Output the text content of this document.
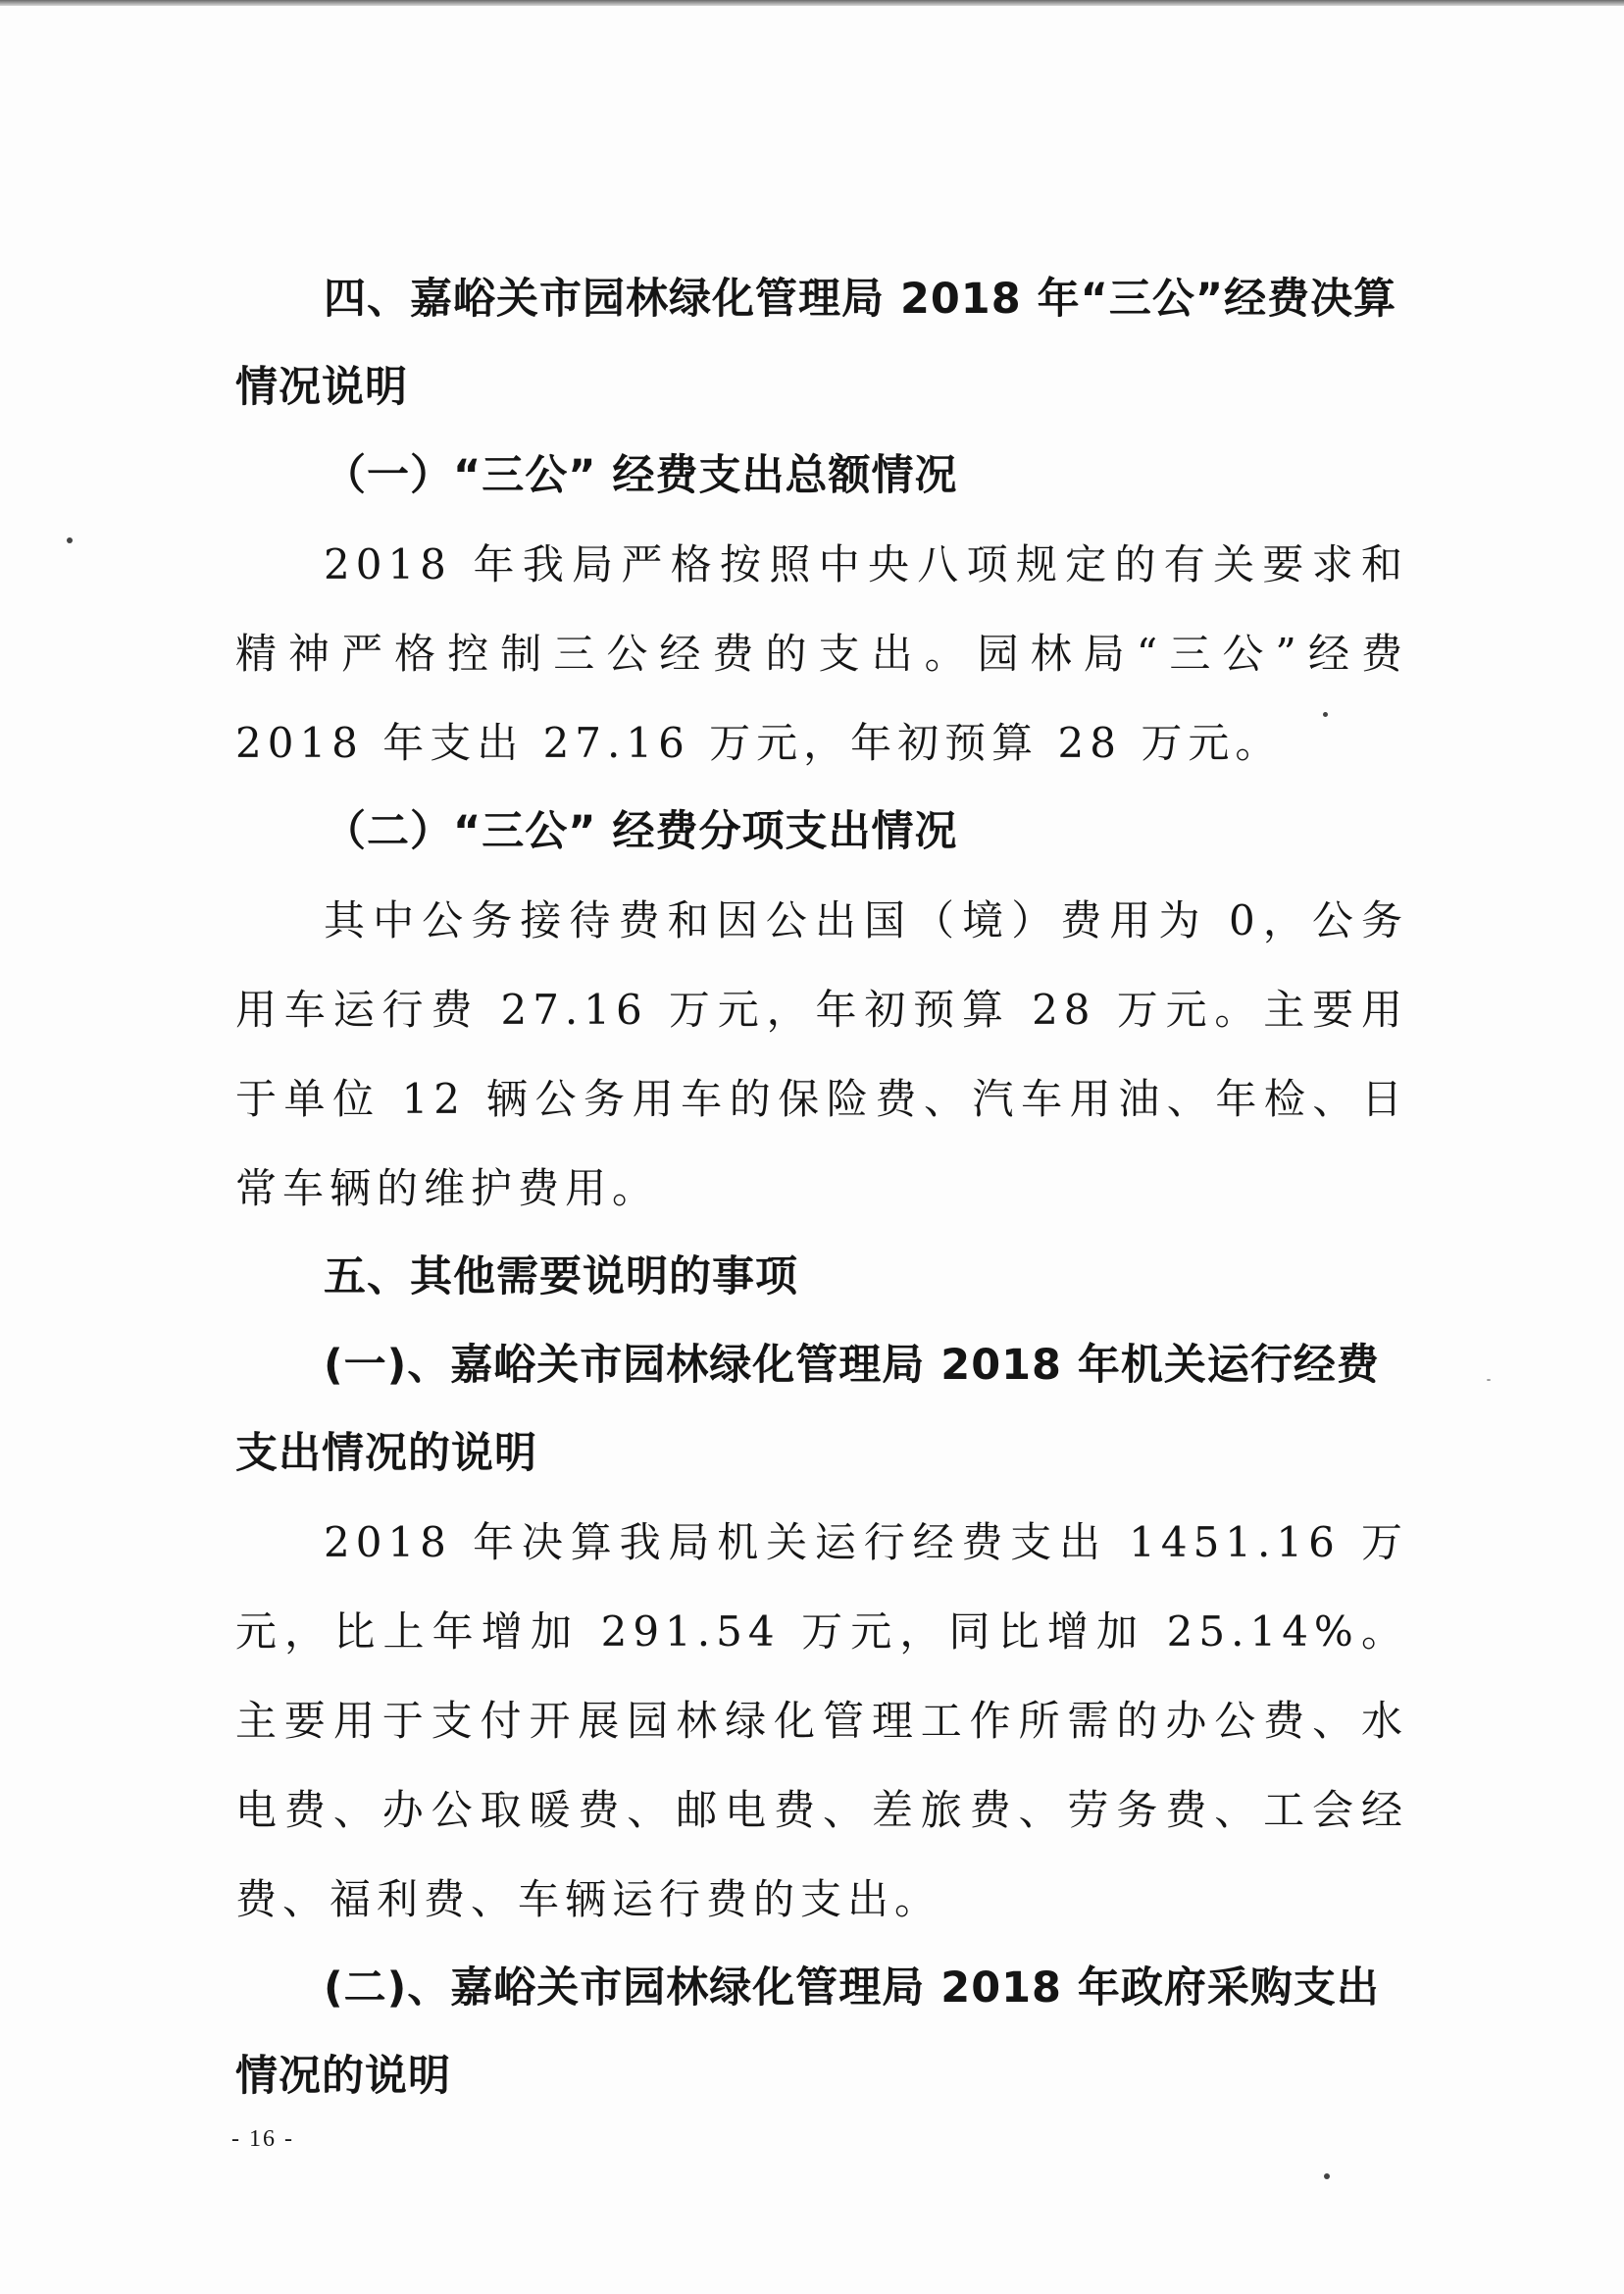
四、嘉峪关市园林绿化管理局 2018 年“三公”经费决算情况说明

（一）“三公” 经费支出总额情况

2018 年我局严格按照中央八项规定的有关要求和精神严格控制三公经费的支出。园林局“三公”经费 2018 年支出 27.16 万元，年初预算 28 万元。

（二）“三公” 经费分项支出情况

其中公务接待费和因公出国（境）费用为 0，公务用车运行费 27.16 万元，年初预算 28 万元。主要用于单位 12 辆公务用车的保险费、汽车用油、年检、日常车辆的维护费用。

五、其他需要说明的事项

(一)、嘉峪关市园林绿化管理局 2018 年机关运行经费支出情况的说明

2018 年决算我局机关运行经费支出 1451.16 万元，比上年增加 291.54 万元，同比增加 25.14%。主要用于支付开展园林绿化管理工作所需的办公费、水电费、办公取暖费、邮电费、差旅费、劳务费、工会经费、福利费、车辆运行费的支出。

(二)、嘉峪关市园林绿化管理局 2018 年政府采购支出情况的说明

- 16 -
